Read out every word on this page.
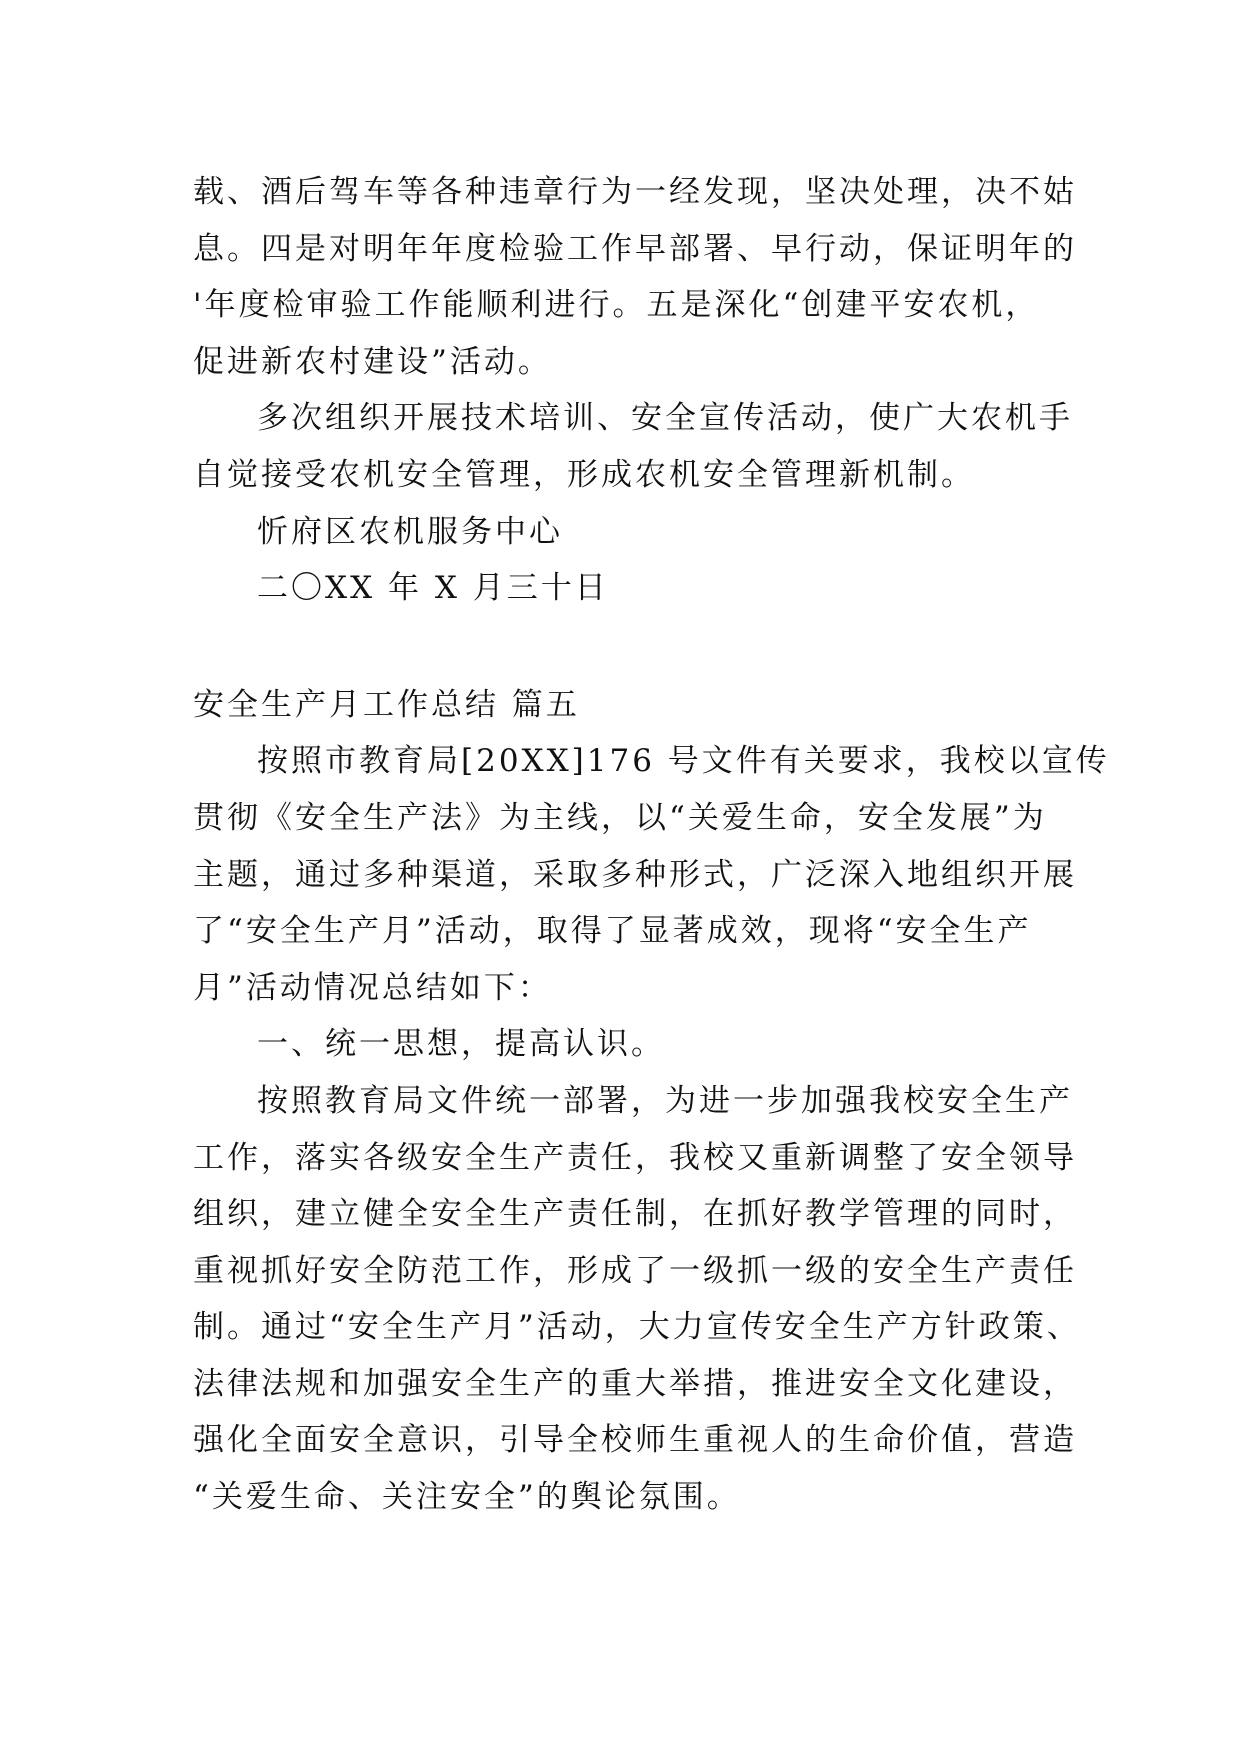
载、酒后驾车等各种违章行为一经发现，坚决处理，决不姑
息。四是对明年年度检验工作早部署、早行动，保证明年的
'年度检审验工作能顺利进行。五是深化“创建平安农机，
促进新农村建设”活动。
多次组织开展技术培训、安全宣传活动，使广大农机手
自觉接受农机安全管理，形成农机安全管理新机制。
忻府区农机服务中心
二〇XX 年 X 月三十日
安全生产月工作总结 篇五
按照市教育局[20XX]176 号文件有关要求，我校以宣传
贯彻《安全生产法》为主线，以“关爱生命，安全发展”为
主题，通过多种渠道，采取多种形式，广泛深入地组织开展
了“安全生产月”活动，取得了显著成效，现将“安全生产
月”活动情况总结如下：
一、统一思想，提高认识。
按照教育局文件统一部署，为进一步加强我校安全生产
工作，落实各级安全生产责任，我校又重新调整了安全领导
组织，建立健全安全生产责任制，在抓好教学管理的同时，
重视抓好安全防范工作，形成了一级抓一级的安全生产责任
制。通过“安全生产月”活动，大力宣传安全生产方针政策、
法律法规和加强安全生产的重大举措，推进安全文化建设，
强化全面安全意识，引导全校师生重视人的生命价值，营造
“关爱生命、关注安全”的舆论氛围。
